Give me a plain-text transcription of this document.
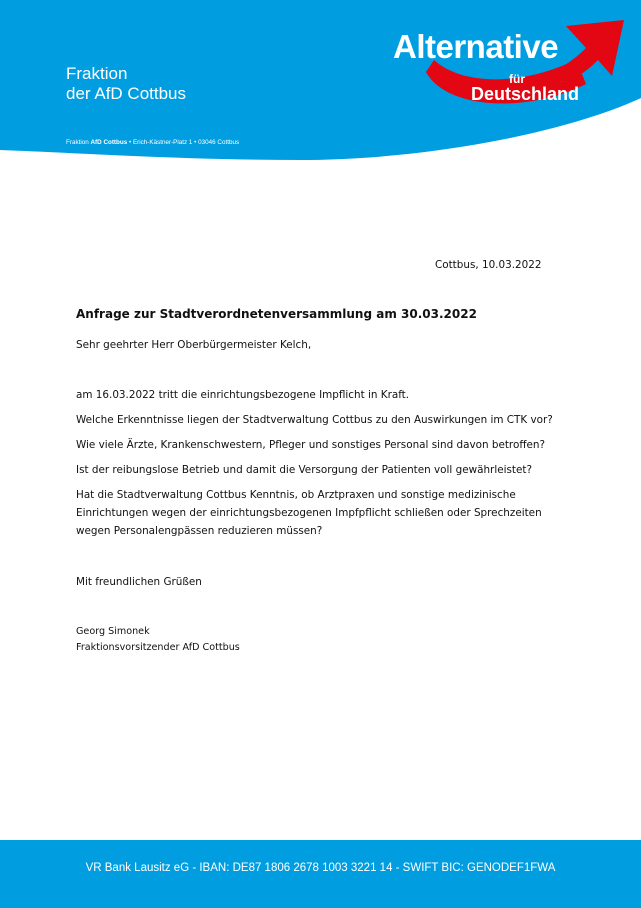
Fraktion
der AfD Cottbus
Fraktion AfD Cottbus • Erich-Kästner-Platz 1 • 03046 Cottbus
Alternative
für
Deutschland
Cottbus, 10.03.2022
Anfrage zur Stadtverordnetenversammlung am 30.03.2022
Sehr geehrter Herr Oberbürgermeister Kelch,
am 16.03.2022 tritt die einrichtungsbezogene Impflicht in Kraft.
Welche Erkenntnisse liegen der Stadtverwaltung Cottbus zu den Auswirkungen im CTK vor?
Wie viele Ärzte, Krankenschwestern, Pfleger und sonstiges Personal sind davon betroffen?
Ist der reibungslose Betrieb und damit die Versorgung der Patienten voll gewährleistet?
Hat die Stadtverwaltung Cottbus Kenntnis, ob Arztpraxen und sonstige medizinische
Einrichtungen wegen der einrichtungsbezogenen Impfpflicht schließen oder Sprechzeiten
wegen Personalengpässen reduzieren müssen?
Mit freundlichen Grüßen
Georg Simonek
Fraktionsvorsitzender AfD Cottbus
VR Bank Lausitz eG - IBAN: DE87 1806 2678 1003 3221 14 - SWIFT BIC: GENODEF1FWA
